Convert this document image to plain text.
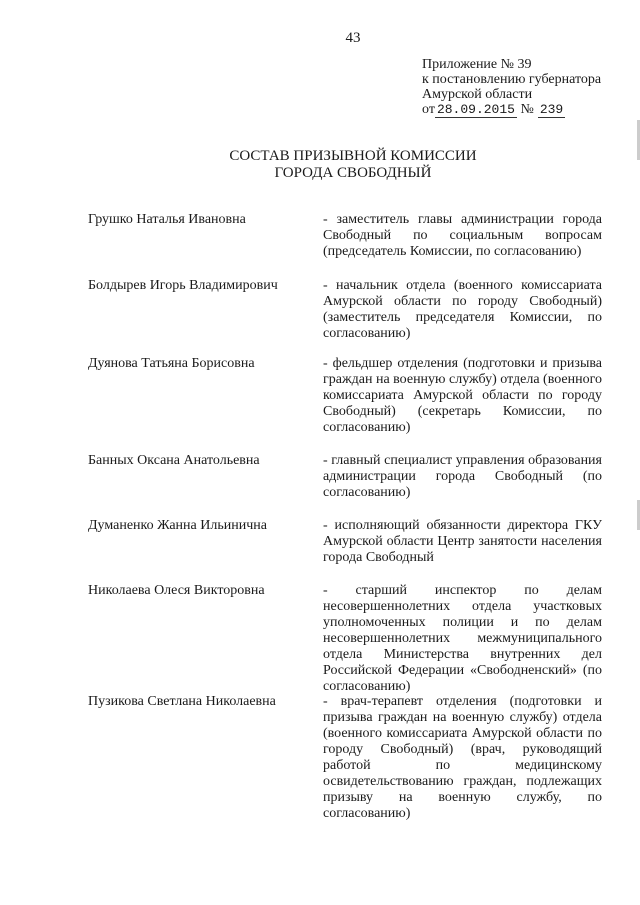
43
Приложение № 39
к постановлению губернатора
Амурской области
от 28.09.2015 № 239
СОСТАВ ПРИЗЫВНОЙ КОМИССИИ
ГОРОДА СВОБОДНЫЙ
Грушко Наталья Ивановна	- заместитель главы администрации города Свободный по социальным вопросам (председатель Комиссии, по согласованию)
Болдырев Игорь Владимирович	- начальник отдела (военного комиссариата Амурской области по городу Свободный) (заместитель председателя Комиссии, по согласованию)
Дуянова Татьяна Борисовна	- фельдшер отделения (подготовки и призыва граждан на военную службу) отдела (военного комиссариата Амурской области по городу Свободный) (секретарь Комиссии, по согласованию)
Банных Оксана Анатольевна	- главный специалист управления образования администрации города Свободный (по согласованию)
Думаненко Жанна Ильинична	- исполняющий обязанности директора ГКУ Амурской области Центр занятости населения города Свободный
Николаева Олеся Викторовна	- старший инспектор по делам несовершеннолетних отдела участковых уполномоченных полиции и по делам несовершеннолетних межмуниципального отдела Министерства внутренних дел Российской Федерации «Свободненский» (по согласованию)
Пузикова Светлана Николаевна	- врач-терапевт отделения (подготовки и призыва граждан на военную службу) отдела (военного комиссариата Амурской области по городу Свободный) (врач, руководящий работой по медицинскому освидетельствованию граждан, подлежащих призыву на военную службу, по согласованию)
